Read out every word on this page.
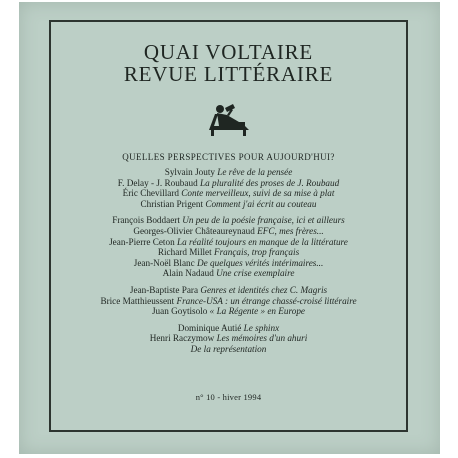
QUAI VOLTAIRE
REVUE LITTÉRAIRE
QUELLES PERSPECTIVES POUR AUJOURD'HUI?
Sylvain Jouty Le rêve de la pensée
F. Delay - J. Roubaud La pluralité des proses de J. Roubaud
Éric Chevillard Conte merveilleux, suivi de sa mise à plat
Christian Prigent Comment j'ai écrit au couteau
François Boddaert Un peu de la poésie française, ici et ailleurs
Georges-Olivier Châteaureynaud EFC, mes frères...
Jean-Pierre Ceton La réalité toujours en manque de la littérature
Richard Millet Français, trop français
Jean-Noël Blanc De quelques vérités intérimaires...
Alain Nadaud Une crise exemplaire
Jean-Baptiste Para Genres et identités chez C. Magris
Brice Matthieussent France-USA : un étrange chassé-croisé littéraire
Juan Goytisolo « La Régente » en Europe
Dominique Autié Le sphinx
Henri Raczymow Les mémoires d'un ahuri
De la représentation
n° 10 - hiver 1994
